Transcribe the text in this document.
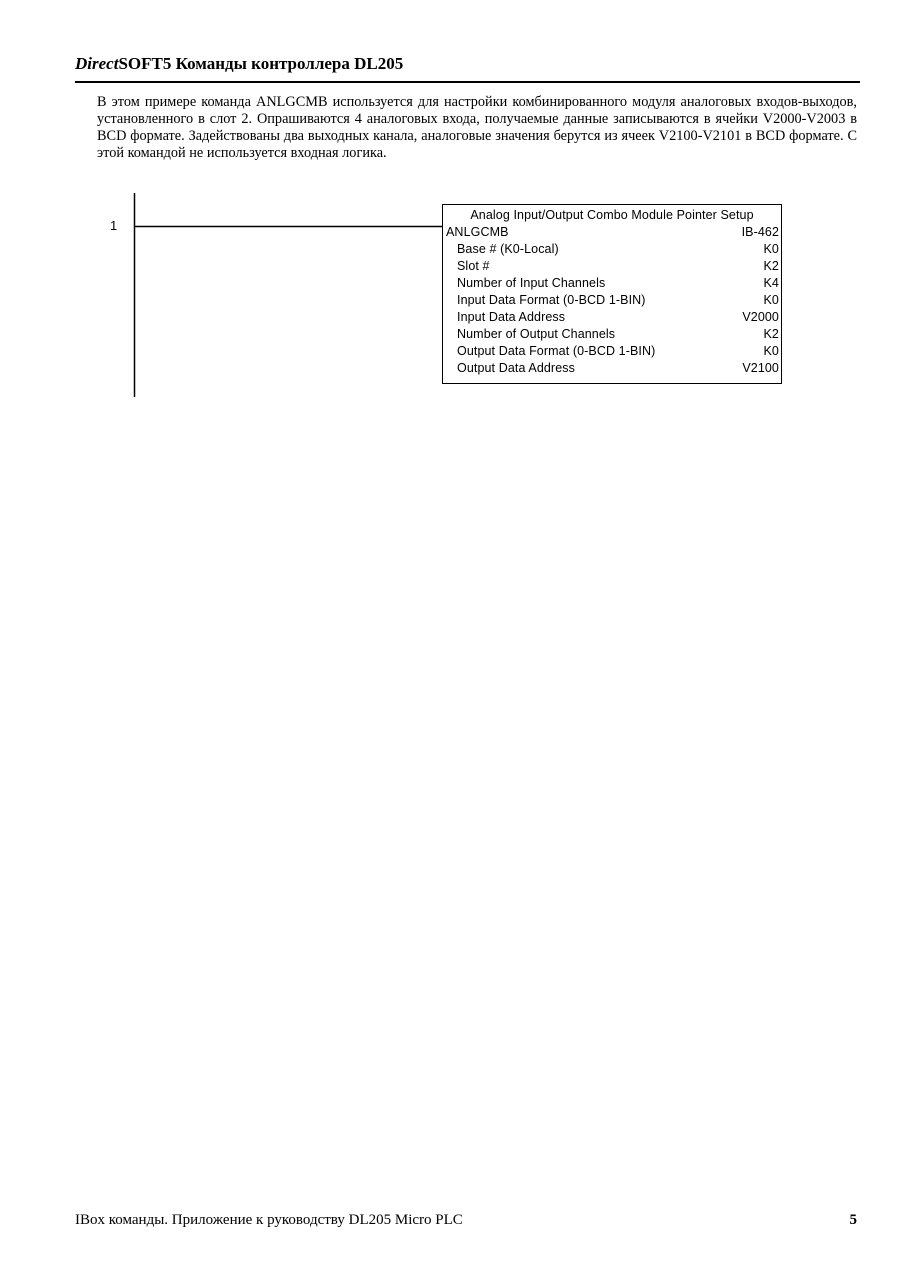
DirectSOFT5 Команды контроллера DL205

В этом примере команда ANLGCMB используется для настройки комбинированного модуля аналоговых входов-выходов, установленного в слот 2. Опрашиваются 4 аналоговых входа, получаемые данные записываются в ячейки V2000-V2003 в BCD формате. Задействованы два выходных канала, аналоговые значения берутся из ячеек V2100-V2101 в BCD формате. С этой командой не используется входная логика.

1
Analog Input/Output Combo Module Pointer Setup
ANLGCMB	IB-462
Base # (K0-Local)	K0
Slot #	K2
Number of Input Channels	K4
Input Data Format (0-BCD 1-BIN)	K0
Input Data Address	V2000
Number of Output Channels	K2
Output Data Format (0-BCD 1-BIN)	K0
Output Data Address	V2100
IBox команды. Приложение к руководству DL205 Micro PLC	5
